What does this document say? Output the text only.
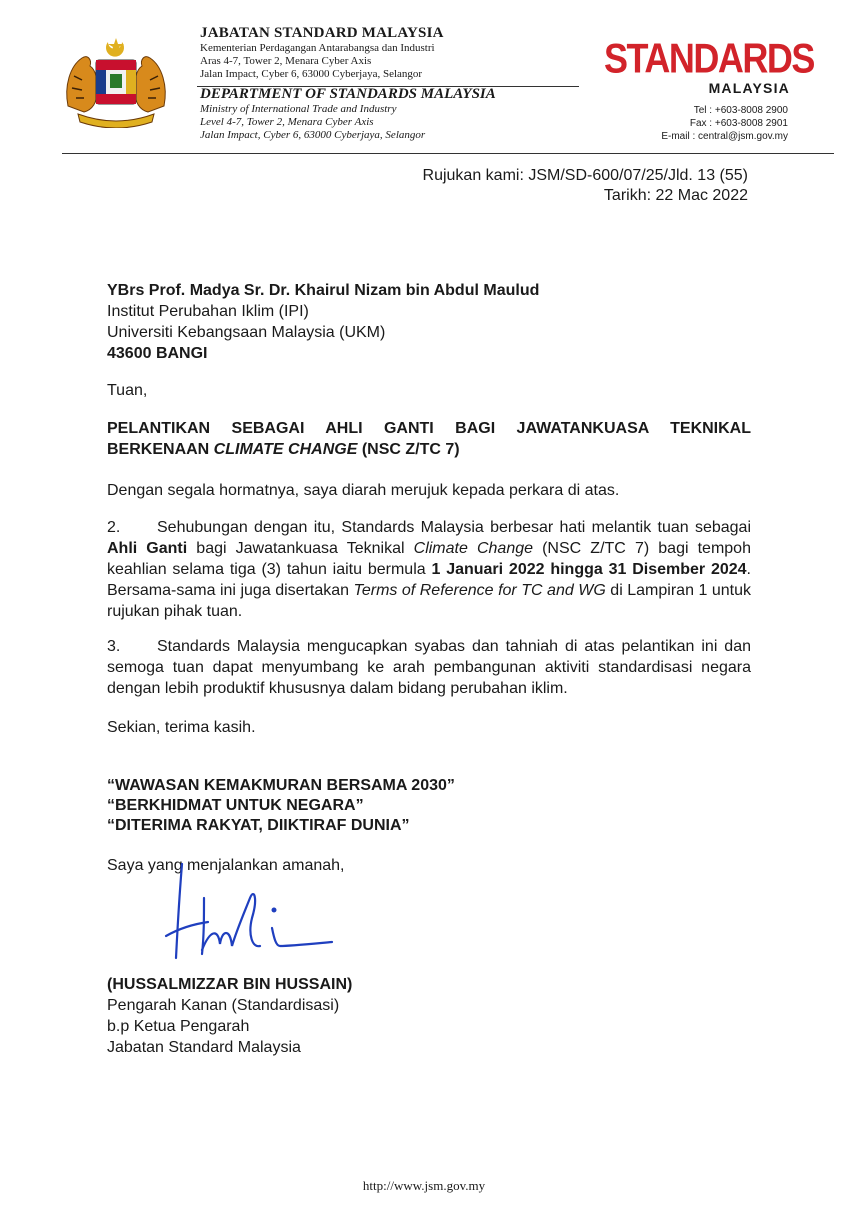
JABATAN STANDARD MALAYSIA
Kementerian Perdagangan Antarabangsa dan Industri
Aras 4-7, Tower 2, Menara Cyber Axis
Jalan Impact, Cyber 6, 63000 Cyberjaya, Selangor
DEPARTMENT OF STANDARDS MALAYSIA
Ministry of International Trade and Industry
Level 4-7, Tower 2, Menara Cyber Axis
Jalan Impact, Cyber 6, 63000 Cyberjaya, Selangor
STANDARDS
MALAYSIA
Tel : +603-8008 2900
Fax : +603-8008 2901
E-mail : central@jsm.gov.my
Rujukan kami: JSM/SD-600/07/25/Jld. 13 (55)
Tarikh: 22 Mac 2022
YBrs Prof. Madya Sr. Dr. Khairul Nizam bin Abdul Maulud
Institut Perubahan Iklim (IPI)
Universiti Kebangsaan Malaysia (UKM)
43600 BANGI
Tuan,
PELANTIKAN SEBAGAI AHLI GANTI BAGI JAWATANKUASA TEKNIKAL BERKENAAN CLIMATE CHANGE (NSC Z/TC 7)
Dengan segala hormatnya, saya diarah merujuk kepada perkara di atas.
2. Sehubungan dengan itu, Standards Malaysia berbesar hati melantik tuan sebagai Ahli Ganti bagi Jawatankuasa Teknikal Climate Change (NSC Z/TC 7) bagi tempoh keahlian selama tiga (3) tahun iaitu bermula 1 Januari 2022 hingga 31 Disember 2024. Bersama-sama ini juga disertakan Terms of Reference for TC and WG di Lampiran 1 untuk rujukan pihak tuan.
3. Standards Malaysia mengucapkan syabas dan tahniah di atas pelantikan ini dan semoga tuan dapat menyumbang ke arah pembangunan aktiviti standardisasi negara dengan lebih produktif khususnya dalam bidang perubahan iklim.
Sekian, terima kasih.
“WAWASAN KEMAKMURAN BERSAMA 2030”
“BERKHIDMAT UNTUK NEGARA”
“DITERIMA RAKYAT, DIIKTIRAF DUNIA”
Saya yang menjalankan amanah,
(HUSSALMIZZAR BIN HUSSAIN)
Pengarah Kanan (Standardisasi)
b.p Ketua Pengarah
Jabatan Standard Malaysia
http://www.jsm.gov.my
